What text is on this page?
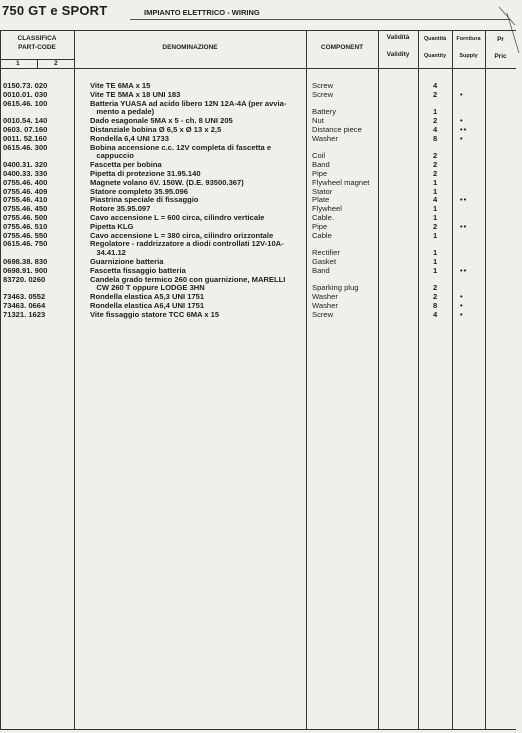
750 GT e SPORT	IMPIANTO ELETTRICO - WIRING
CLASSIFICA
PART-CODE
1	2
DENOMINAZIONE	COMPONENT
Validità
Validity
Quantità
Quantity
Fornitura
Supply
Pr
Pric
0150.73. 020	Vite TE 6MA x 15	Screw	4
0010.01. 030	Vite TE 5MA x 18 UNI 183	Screw	2	•
0615.46. 100	Batteria YUASA ad acido libero 12N 12A-4A (per avvia-
mento a pedale)	Battery	1
0010.54. 140	Dado esagonale 5MA x 5 - ch. 8 UNI 205	Nut	2	•
0603. 07.160	Distanziale bobina Ø 6,5 x Ø 13 x 2,5	Distance piece	4	••
0011. 52.160	Rondella 6,4 UNI 1733	Washer	8	•
0615.46. 300	Bobina accensione c.c. 12V completa di fascetta e
cappuccio	Coil	2
0400.31. 320	Fascetta per bobina	Band	2
0400.33. 330	Pipetta di protezione 31.95.140	Pipe	2
0755.46. 400	Magnete volano 6V. 150W. (D.E. 93500.367)	Flywheel magnet	1
0755.46. 409	Statore completo 35.95.096	Stator	1
0755.46. 410	Piastrina speciale di fissaggio	Plate	4	••
0755.46. 450	Rotore 35.95.097	Flywheel	1
0755.46. 500	Cavo accensione L = 600 circa, cilindro verticale	Cable.	1
0755.46. 510	Pipetta KLG	Pipe	2	••
0755.46. 550	Cavo accensione L = 380 circa, cilindro orizzontale	Cable	1
0615.46. 750	Regolatore - raddrizzatore a diodi controllati 12V-10A-
34.41.12	Rectifier	1
0698.38. 830	Guarnizione batteria	Gasket	1
0698.91. 900	Fascetta fissaggio batteria	Band	1	••
83720. 0260	Candela grado termico 260 con guarnizione, MARELLI
CW 260 T oppure LODGE 3HN	Sparking plug	2
73463. 0552	Rondella elastica A5,3 UNI 1751	Washer	2	•
73463. 0664	Rondella elastica A6,4 UNI 1751	Washer	8	•
71321. 1623	Vite fissaggio statore TCC 6MA x 15	Screw	4	•
